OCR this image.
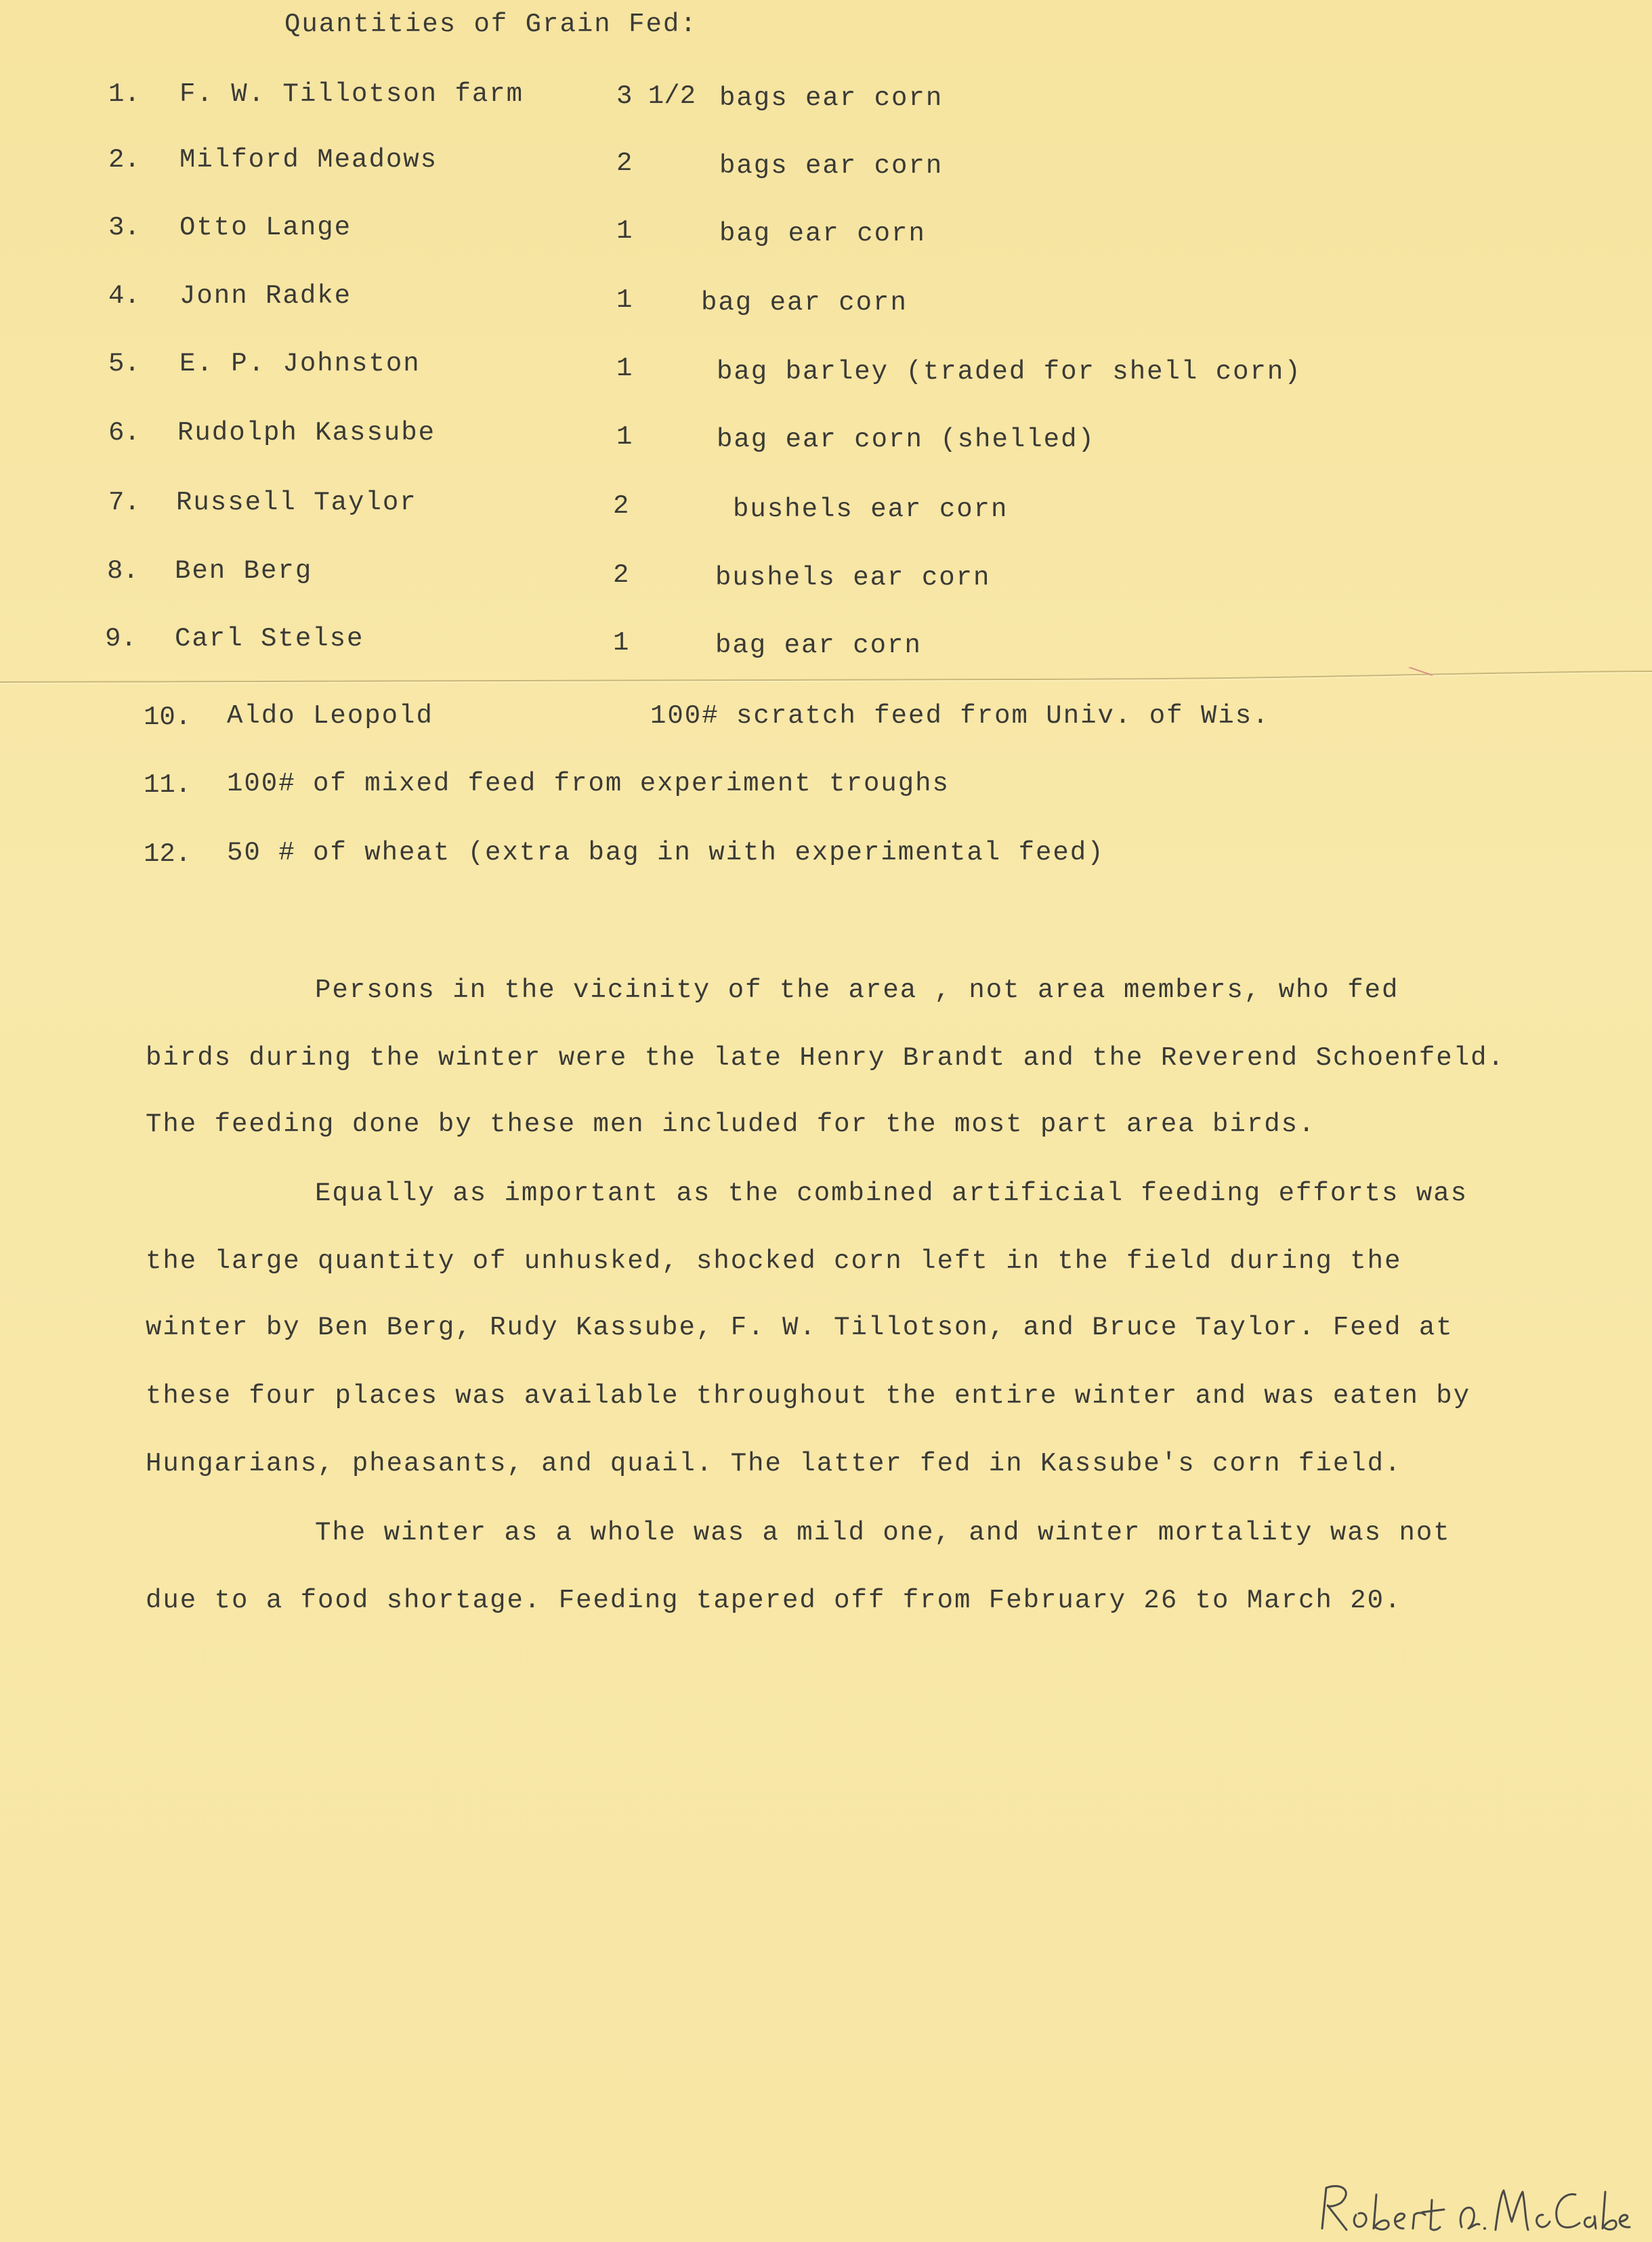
Quantities of Grain Fed:
1. F. W. Tillotson farm	3 1/2 bags ear corn
2. Milford Meadows	2	bags ear corn
3. Otto Lange	1	bag ear corn
4. Jonn Radke	1	bag ear corn
5. E. P. Johnston	1	bag barley (traded for shell corn)
6. Rudolph Kassube	1	bag ear corn (shelled)
7. Russell Taylor	2	bushels ear corn
8. Ben Berg	2	bushels ear corn
9. Carl Stelse	1	bag ear corn
10. Aldo Leopold	100# scratch feed from Univ. of Wis.
11. 100# of mixed feed from experiment troughs
12. 50 # of wheat (extra bag in with experimental feed)
Persons in the vicinity of the area , not area members, who fed
birds during the winter were the late Henry Brandt and the Reverend Schoenfeld.
The feeding done by these men included for the most part area birds.
Equally as important as the combined artificial feeding efforts was
the large quantity of unhusked, shocked corn left in the field during the
winter by Ben Berg, Rudy Kassube, F. W. Tillotson, and Bruce Taylor. Feed at
these four places was available throughout the entire winter and was eaten by
Hungarians, pheasants, and quail. The latter fed in Kassube's corn field.
The winter as a whole was a mild one, and winter mortality was not
due to a food shortage. Feeding tapered off from February 26 to March 20.
